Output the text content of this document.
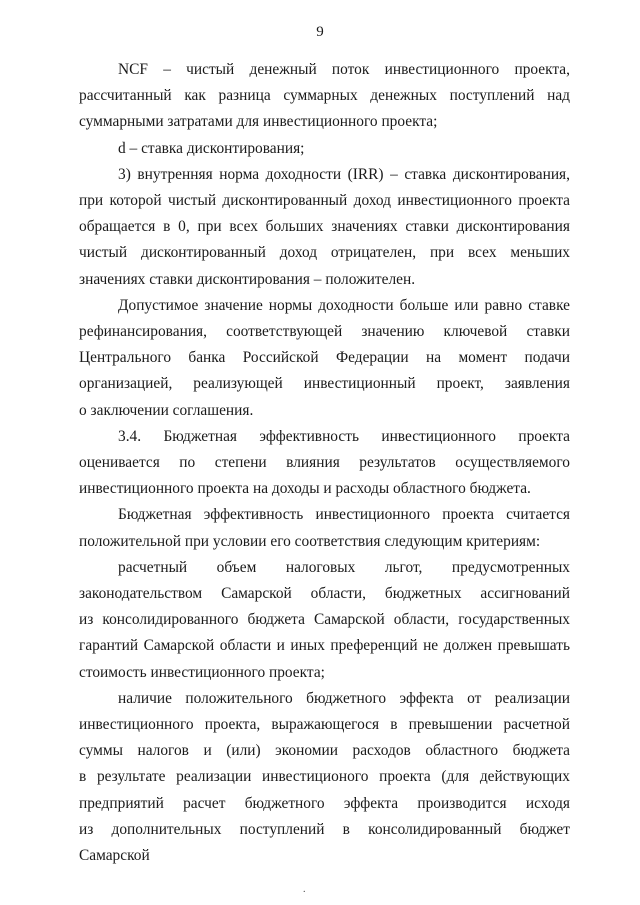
9
NCF – чистый денежный поток инвестиционного проекта,
рассчитанный как разница суммарных денежных поступлений над
суммарными затратами для инвестиционного проекта;
d – ставка дисконтирования;
3) внутренняя норма доходности (IRR) – ставка дисконтирования,
при которой чистый дисконтированный доход инвестиционного проекта
обращается в 0, при всех больших значениях ставки дисконтирования
чистый дисконтированный доход отрицателен, при всех меньших
значениях ставки дисконтирования – положителен.
Допустимое значение нормы доходности больше или равно ставке
рефинансирования, соответствующей значению ключевой ставки
Центрального банка Российской Федерации на момент подачи
организацией, реализующей инвестиционный проект, заявления
о заключении соглашения.
3.4. Бюджетная эффективность инвестиционного проекта
оценивается по степени влияния результатов осуществляемого
инвестиционного проекта на доходы и расходы областного бюджета.
Бюджетная эффективность инвестиционного проекта считается
положительной при условии его соответствия следующим критериям:
расчетный объем налоговых льгот, предусмотренных
законодательством Самарской области, бюджетных ассигнований
из консолидированного бюджета Самарской области, государственных
гарантий Самарской области и иных преференций не должен превышать
стоимость инвестиционного проекта;
наличие положительного бюджетного эффекта от реализации
инвестиционного проекта, выражающегося в превышении расчетной
суммы налогов и (или) экономии расходов областного бюджета
в результате реализации инвестиционого проекта (для действующих
предприятий расчет бюджетного эффекта производится исходя
из дополнительных поступлений в консолидированный бюджет Самарской
.
